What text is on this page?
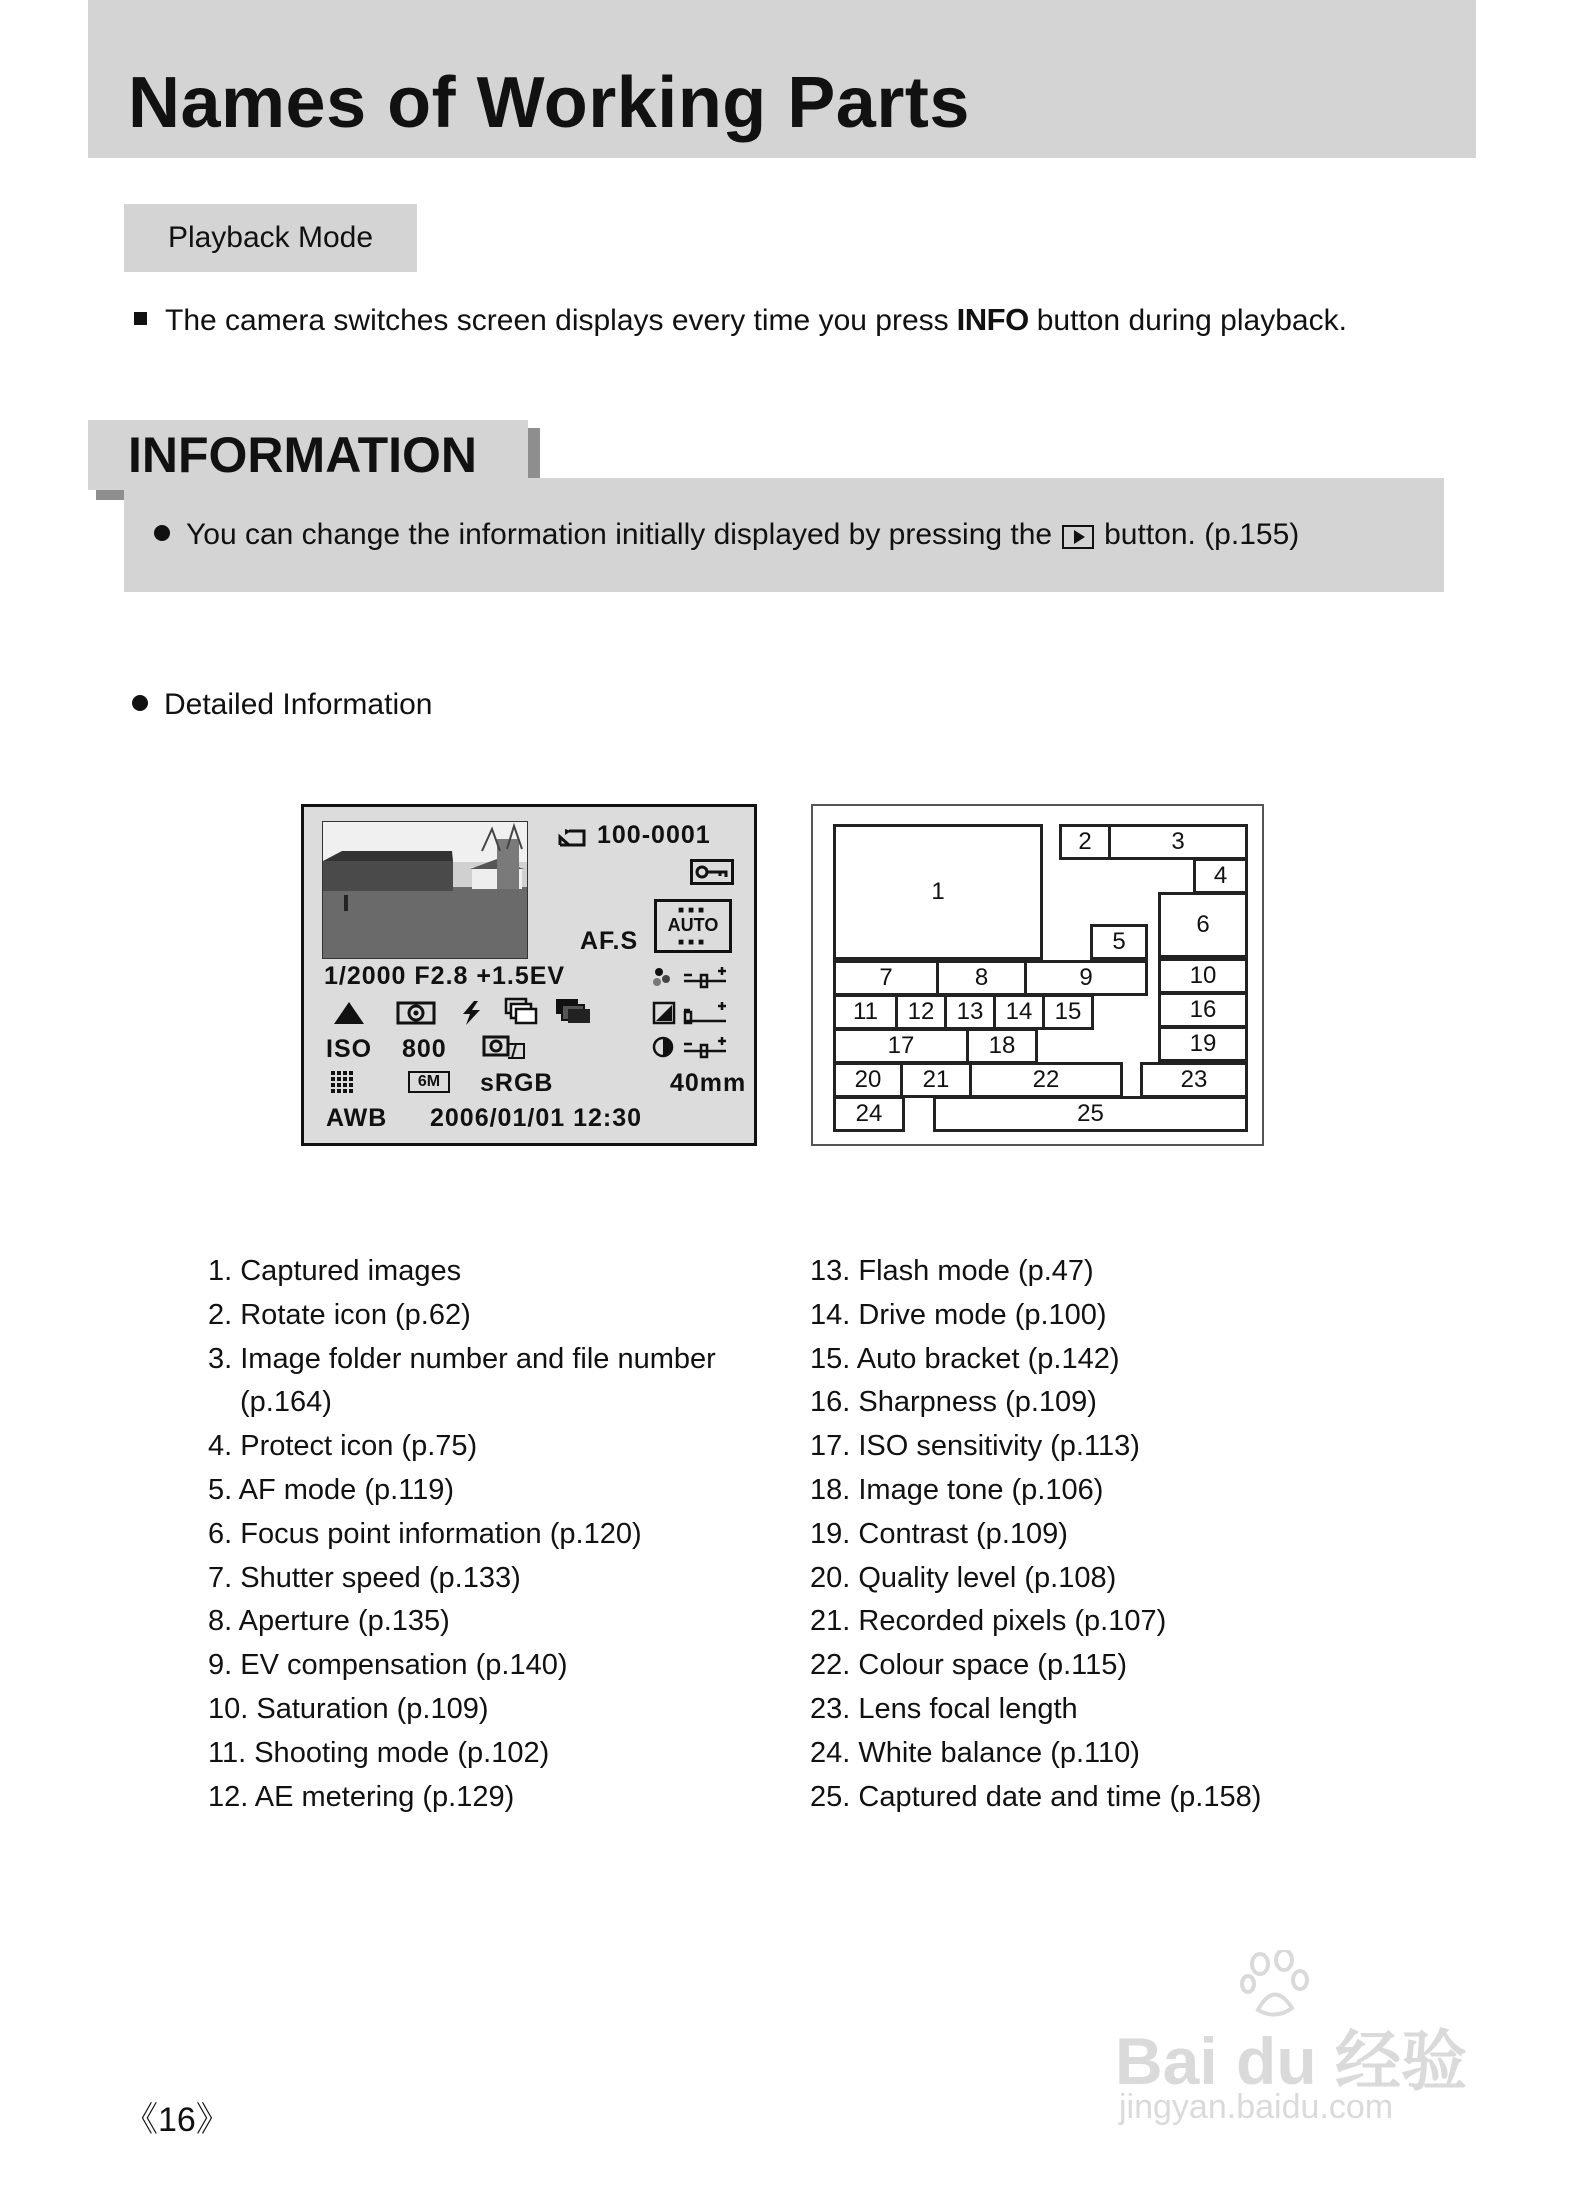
Names of Working Parts
Playback Mode
The camera switches screen displays every time you press INFO button during playback.
INFORMATION
You can change the information initially displayed by pressing the button. (p.155)
Detailed Information
100-0001
■■■
AUTO
■■■
AF.S
1/2000 F2.8 +1.5EV
ISO 800
6M	sRGB	40mm
AWB 2006/01/01 12:30
1
2	3
4
5
6
7	8	9	10
11	12 13 14 15	16
17	18	19
20	21	22	23
24	25
1. Captured images
2. Rotate icon (p.62)
3. Image folder number and file number
(p.164)
4. Protect icon (p.75)
5. AF mode (p.119)
6. Focus point information (p.120)
7. Shutter speed (p.133)
8. Aperture (p.135)
9. EV compensation (p.140)
10. Saturation (p.109)
11. Shooting mode (p.102)
12. AE metering (p.129)
13. Flash mode (p.47)
14. Drive mode (p.100)
15. Auto bracket (p.142)
16. Sharpness (p.109)
17. ISO sensitivity (p.113)
18. Image tone (p.106)
19. Contrast (p.109)
20. Quality level (p.108)
21. Recorded pixels (p.107)
22. Colour space (p.115)
23. Lens focal length
24. White balance (p.110)
25. Captured date and time (p.158)
《16》
Bai du 经验
jingyan.baidu.com
